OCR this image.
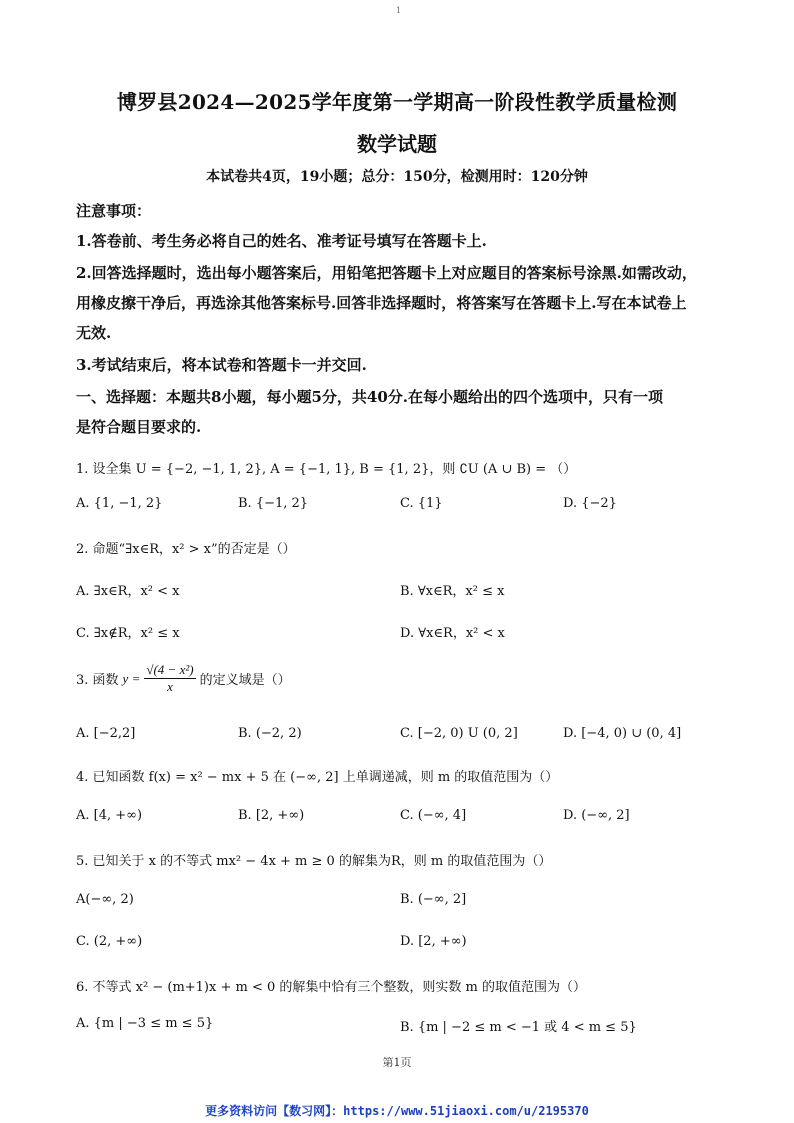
1
博罗县2024—2025学年度第一学期高一阶段性教学质量检测
数学试题
本试卷共4页，19小题；总分：150分，检测用时：120分钟
注意事项：
1.答卷前、考生务必将自己的姓名、准考证号填写在答题卡上.
2.回答选择题时，选出每小题答案后，用铅笔把答题卡上对应题目的答案标号涂黑.如需改动，
用橡皮擦干净后，再选涂其他答案标号.回答非选择题时，将答案写在答题卡上.写在本试卷上
无效.
3.考试结束后，将本试卷和答题卡一并交回.
一、选择题：本题共8小题，每小题5分，共40分.在每小题给出的四个选项中，只有一项
是符合题目要求的.
1. 设全集 U = {−2, −1, 1, 2}, A = {−1, 1}, B = {1, 2}，则 ∁U (A ∪ B) = （）
A. {1, −1, 2}	B. {−1, 2}	C. {1}	D. {−2}
2. 命题“∃x∈R，x² > x”的否定是（）
A. ∃x∈R，x² < x	B. ∀x∈R，x² ≤ x
C. ∃x∉R，x² ≤ x	D. ∀x∈R，x² < x
3. 函数 $y = \frac{\text{√(4 − x²)}}{x}$ 的定义域是（）
A. [−2,2]	B. (−2, 2)	C. [−2, 0) U (0, 2]	D. [−4, 0) ∪ (0, 4]
4. 已知函数 f(x) = x² − mx + 5 在 (−∞, 2] 上单调递减，则 m 的取值范围为（）
A. [4, +∞)	B. [2, +∞)	C. (−∞, 4]	D. (−∞, 2]
5. 已知关于 x 的不等式 mx² − 4x + m ≥ 0 的解集为R，则 m 的取值范围为（）
A(−∞, 2)	B. (−∞, 2]
C. (2, +∞)	D. [2, +∞)
6. 不等式 x² − (m+1)x + m < 0 的解集中恰有三个整数，则实数 m 的取值范围为（）
A. {m | −3 ≤ m ≤ 5}	B. {m | −2 ≤ m < −1 或 4 < m ≤ 5}
第1页
更多资料访问【数习网】：https://www.51jiaoxi.com/u/2195370
